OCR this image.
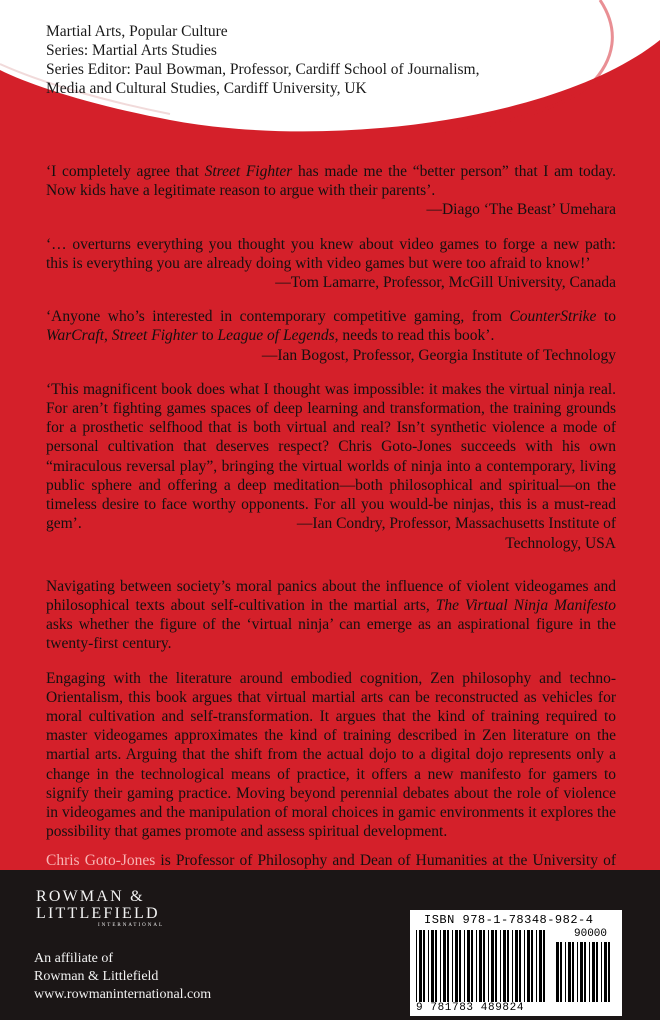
Martial Arts, Popular Culture
Series: Martial Arts Studies
Series Editor: Paul Bowman, Professor, Cardiff School of Journalism,
Media and Cultural Studies, Cardiff University, UK
‘I completely agree that Street Fighter has made me the “better person” that I am today. Now kids have a legitimate reason to argue with their parents’.
—Diago ‘The Beast’ Umehara
‘… overturns everything you thought you knew about video games to forge a new path: this is everything you are already doing with video games but were too afraid to know!’
—Tom Lamarre, Professor, McGill University, Canada
‘Anyone who’s interested in contemporary competitive gaming, from CounterStrike to WarCraft, Street Fighter to League of Legends, needs to read this book’.
—Ian Bogost, Professor, Georgia Institute of Technology
‘This magnificent book does what I thought was impossible: it makes the virtual ninja real. For aren’t fighting games spaces of deep learning and transformation, the training grounds for a prosthetic selfhood that is both virtual and real? Isn’t synthetic violence a mode of personal cultivation that deserves respect? Chris Goto-Jones succeeds with his own “miraculous reversal play”, bringing the virtual worlds of ninja into a contemporary, living public sphere and offering a deep meditation—both philosophical and spiritual—on the timeless desire to face worthy opponents. For all you would-be ninjas, this is a must-read gem’.	—Ian Condry, Professor, Massachusetts Institute of
Technology, USA
Navigating between society’s moral panics about the influence of violent videogames and philosophical texts about self-cultivation in the martial arts, The Virtual Ninja Manifesto asks whether the figure of the ‘virtual ninja’ can emerge as an aspirational figure in the twenty-first century.
Engaging with the literature around embodied cognition, Zen philosophy and techno-Orientalism, this book argues that virtual martial arts can be reconstructed as vehicles for moral cultivation and self-transformation. It argues that the kind of training required to master videogames approximates the kind of training described in Zen literature on the martial arts. Arguing that the shift from the actual dojo to a digital dojo represents only a change in the technological means of practice, it offers a new manifesto for gamers to signify their gaming practice. Moving beyond perennial debates about the role of violence in videogames and the manipulation of moral choices in gamic environments it explores the possibility that games promote and assess spiritual development.
Chris Goto-Jones is Professor of Philosophy and Dean of Humanities at the University of
ROWMAN &
LITTLEFIELD
INTERNATIONAL
An affiliate of
Rowman & Littlefield
www.rowmaninternational.com
ISBN 978-1-78348-982-4
90000
9 781783 489824
